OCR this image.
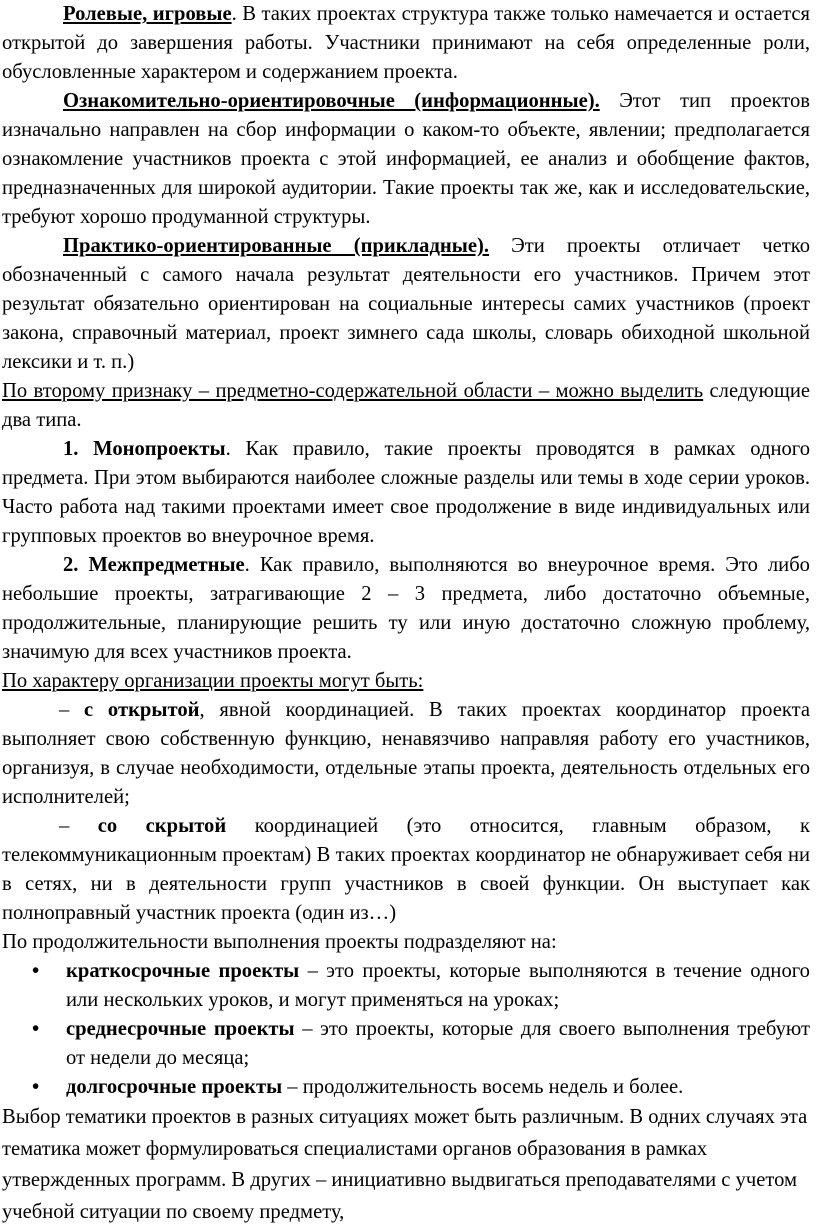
Ролевые, игровые. В таких проектах структура также только намечается и остается открытой до завершения работы. Участники принимают на себя определенные роли, обусловленные характером и содержанием проекта.

Ознакомительно-ориентировочные (информационные). Этот тип проектов изначально направлен на сбор информации о каком-то объекте, явлении; предполагается ознакомление участников проекта с этой информацией, ее анализ и обобщение фактов, предназначенных для широкой аудитории. Такие проекты так же, как и исследовательские, требуют хорошо продуманной структуры.

Практико-ориентированные (прикладные). Эти проекты отличает четко обозначенный с самого начала результат деятельности его участников. Причем этот результат обязательно ориентирован на социальные интересы самих участников (проект закона, справочный материал, проект зимнего сада школы, словарь обиходной школьной лексики и т. п.)

По второму признаку – предметно-содержательной области – можно выделить следующие два типа.

1. Монопроекты. Как правило, такие проекты проводятся в рамках одного предмета. При этом выбираются наиболее сложные разделы или темы в ходе серии уроков. Часто работа над такими проектами имеет свое продолжение в виде индивидуальных или групповых проектов во внеурочное время.

2. Межпредметные. Как правило, выполняются во внеурочное время. Это либо небольшие проекты, затрагивающие 2 – 3 предмета, либо достаточно объемные, продолжительные, планирующие решить ту или иную достаточно сложную проблему, значимую для всех участников проекта.

По характеру организации проекты могут быть:

– с открытой, явной координацией. В таких проектах координатор проекта выполняет свою собственную функцию, ненавязчиво направляя работу его участников, организуя, в случае необходимости, отдельные этапы проекта, деятельность отдельных его исполнителей;

– со скрытой координацией (это относится, главным образом, к телекоммуникационным проектам) В таких проектах координатор не обнаруживает себя ни в сетях, ни в деятельности групп участников в своей функции. Он выступает как полноправный участник проекта (один из…)

По продолжительности выполнения проекты подразделяют на:

• краткосрочные проекты – это проекты, которые выполняются в течение одного или нескольких уроков, и могут применяться на уроках;
• среднесрочные проекты – это проекты, которые для своего выполнения требуют от недели до месяца;
• долгосрочные проекты – продолжительность восемь недель и более.

Выбор тематики проектов в разных ситуациях может быть различным. В одних случаях эта тематика может формулироваться специалистами органов образования в рамках утвержденных программ. В других – инициативно выдвигаться преподавателями с учетом учебной ситуации по своему предмету,
